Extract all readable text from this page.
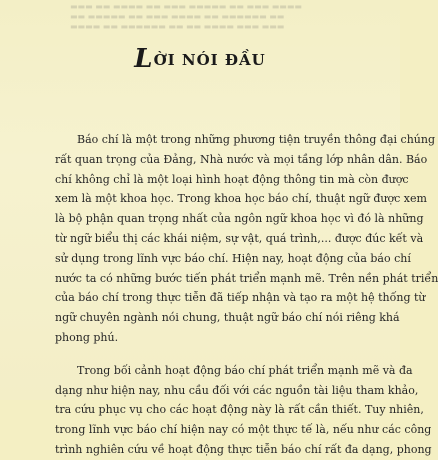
▬▬▬ ▬▬ ▬▬▬▬ ▬▬ ▬▬▬ ▬▬▬▬▬ ▬▬ ▬▬▬ ▬▬▬▬
▬▬ ▬▬▬▬▬ ▬▬ ▬▬▬ ▬▬▬▬ ▬▬ ▬▬▬▬▬▬ ▬▬
▬▬▬▬ ▬▬ ▬▬▬▬▬▬ ▬▬ ▬▬ ▬▬▬▬ ▬▬▬ ▬▬▬
LỜI NÓI ĐẦU
Báo chí là một trong những phương tiện truyền thông đại chúng
rất quan trọng của Đảng, Nhà nước và mọi tầng lớp nhân dân. Báo
chí không chỉ là một loại hình hoạt động thông tin mà còn được
xem là một khoa học. Trong khoa học báo chí, thuật ngữ được xem
là bộ phận quan trọng nhất của ngôn ngữ khoa học vì đó là những
từ ngữ biểu thị các khái niệm, sự vật, quá trình,... được đúc kết và
sử dụng trong lĩnh vực báo chí. Hiện nay, hoạt động của báo chí
nước ta có những bước tiến phát triển mạnh mẽ. Trên nền phát triển
của báo chí trong thực tiễn đã tiếp nhận và tạo ra một hệ thống từ
ngữ chuyên ngành nói chung, thuật ngữ báo chí nói riêng khá
phong phú.
Trong bối cảnh hoạt động báo chí phát triển mạnh mẽ và đa
dạng như hiện nay, nhu cầu đối với các nguồn tài liệu tham khảo,
tra cứu phục vụ cho các hoạt động này là rất cần thiết. Tuy nhiên,
trong lĩnh vực báo chí hiện nay có một thực tế là, nếu như các công
trình nghiên cứu về hoạt động thực tiễn báo chí rất đa dạng, phong
